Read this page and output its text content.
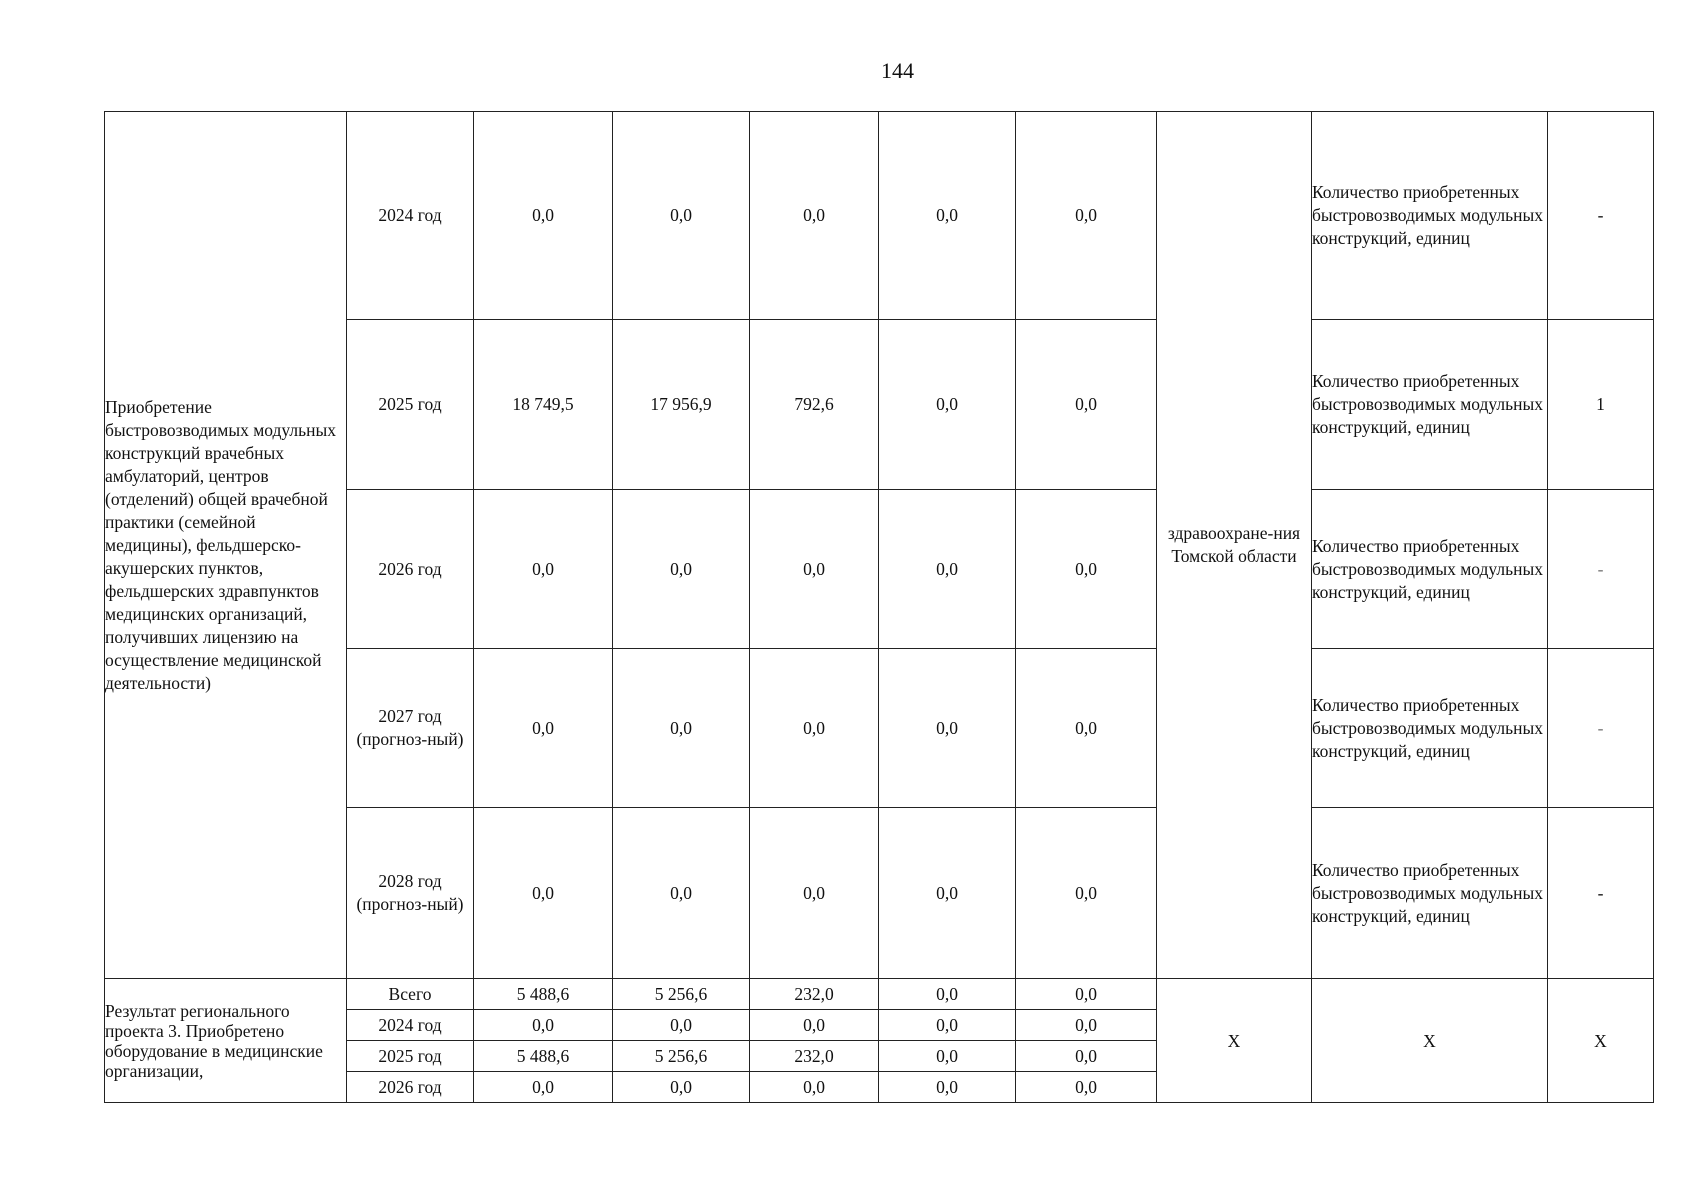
144
Приобретение быстровозводимых модульных конструкций врачебных амбулаторий, центров (отделений) общей врачебной практики (семейной медицины), фельдшерско-акушерских пунктов, фельдшерских здравпунктов медицинских организаций, получивших лицензию на осуществление медицинской деятельности)	2024 год	0,0	0,0	0,0	0,0	0,0	здравоохране-ния Томской области	Количество приобретенных быстровозводимых модульных конструкций, единиц	-
	2025 год	18 749,5	17 956,9	792,6	0,0	0,0		Количество приобретенных быстровозводимых модульных конструкций, единиц	1
	2026 год	0,0	0,0	0,0	0,0	0,0		Количество приобретенных быстровозводимых модульных конструкций, единиц	-
	2027 год (прогноз-ный)	0,0	0,0	0,0	0,0	0,0		Количество приобретенных быстровозводимых модульных конструкций, единиц	-
	2028 год (прогноз-ный)	0,0	0,0	0,0	0,0	0,0		Количество приобретенных быстровозводимых модульных конструкций, единиц	-
Результат регионального проекта 3. Приобретено оборудование в медицинские организации,	Всего	5 488,6	5 256,6	232,0	0,0	0,0	Х	Х	Х
	2024 год	0,0	0,0	0,0	0,0	0,0			
	2025 год	5 488,6	5 256,6	232,0	0,0	0,0			
	2026 год	0,0	0,0	0,0	0,0	0,0			
